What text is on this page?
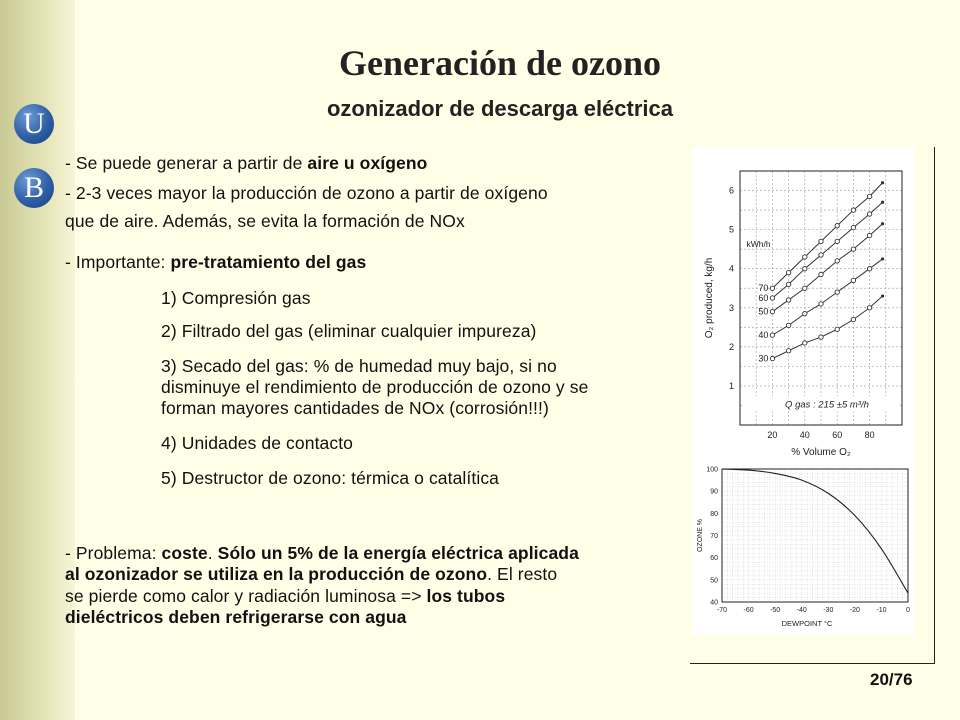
U
B
Generación de ozono
ozonizador de descarga eléctrica
- Se puede generar a partir de aire u oxígeno
- 2-3 veces mayor la producción de ozono a partir de oxígeno
que de aire. Además, se evita la formación de NOx
- Importante: pre-tratamiento del gas
1) Compresión gas
2) Filtrado del gas (eliminar cualquier impureza)
3) Secado del gas: % de humedad muy bajo, si no
disminuye el rendimiento de producción de ozono y se
forman mayores cantidades de NOx (corrosión!!!)
4) Unidades de contacto
5) Destructor de ozono: térmica o catalítica
- Problema: coste. Sólo un 5% de la energía eléctrica aplicada
al ozonizador se utiliza en la producción de ozono. El resto
se pierde como calor y radiación luminosa => los tubos
dieléctricos deben refrigerarse con agua
20 40 60 80
1
2
3
4
5
6
% Volume O₂
O₂ produced, kg/h
kWh/h
30
40
50
60
70
Q gas : 215 ±5 m³/h
-70 -60 -50 -40 -30 -20 -10	0
40
50
60
70
80
90
100
DEWPOINT °C
OZONE %
20/76
